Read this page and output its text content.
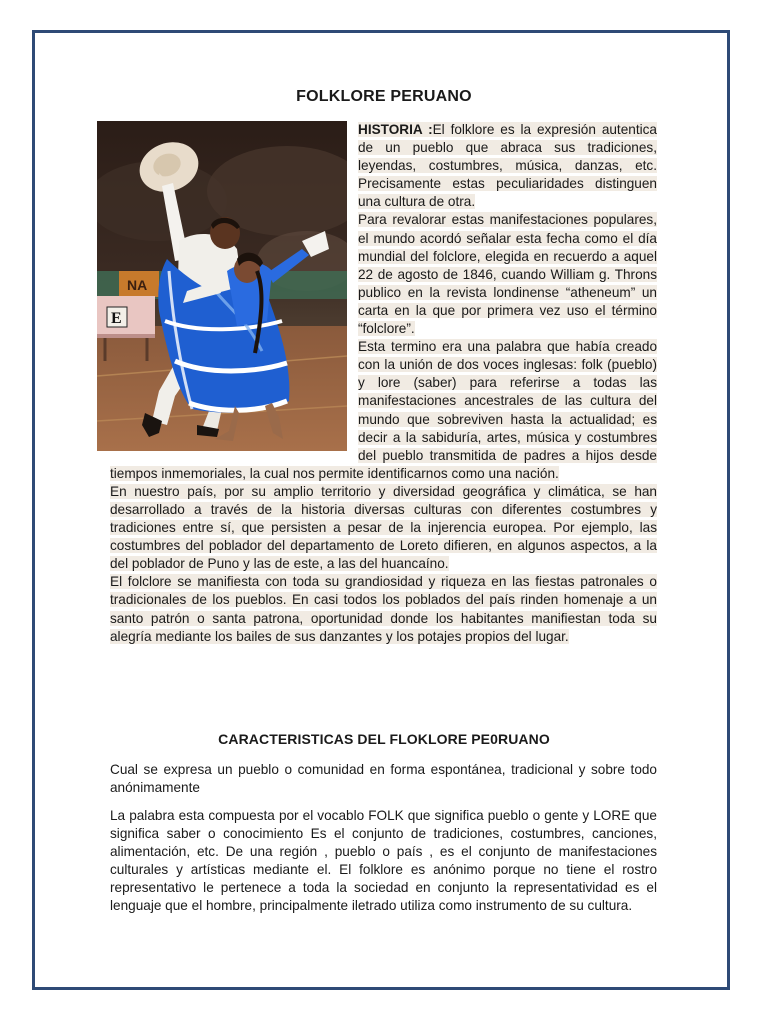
FOLKLORE PERUANO
NA
E

HISTORIA :El folklore es la expresión autentica de un pueblo que abraca sus tradiciones, leyendas, costumbres, música, danzas, etc. Precisamente estas peculiaridades distinguen una cultura de otra.

Para revalorar estas manifestaciones populares, el mundo acordó señalar esta fecha como el día mundial del folclore, elegida en recuerdo a aquel 22 de agosto de 1846, cuando William g. Throns publico en la revista londinense “atheneum” un carta en la que por primera vez uso el término “folclore”.

Esta termino era una palabra que había creado con la unión de dos voces inglesas: folk (pueblo) y lore (saber) para referirse a todas las manifestaciones ancestrales de las cultura del mundo que sobreviven hasta la actualidad; es decir a la sabiduría, artes, música y costumbres del pueblo transmitida de padres a hijos desde tiempos inmemoriales, la cual nos permite identificarnos como una nación.

En nuestro país, por su amplio territorio y diversidad geográfica y climática, se han desarrollado a través de la historia diversas culturas con diferentes costumbres y tradiciones entre sí, que persisten a pesar de la injerencia europea. Por ejemplo, las costumbres del poblador del departamento de Loreto difieren, en algunos aspectos, a la del poblador de Puno y las de este, a las del huancaíno.

El folclore se manifiesta con toda su grandiosidad y riqueza en las fiestas patronales o tradicionales de los pueblos. En casi todos los poblados del país rinden homenaje a un santo patrón o santa patrona, oportunidad donde los habitantes manifiestan toda su alegría mediante los bailes de sus danzantes y los potajes propios del lugar.

CARACTERISTICAS DEL FLOKLORE PE0RUANO

Cual se expresa un pueblo o comunidad en forma espontánea, tradicional y sobre todo anónimamente

La palabra esta compuesta por el vocablo FOLK que significa pueblo o gente y LORE que significa saber o conocimiento Es el conjunto de tradiciones, costumbres, canciones, alimentación, etc. De una región , pueblo o país , es el conjunto de manifestaciones culturales y artísticas mediante el. El folklore es anónimo porque no tiene el rostro representativo le pertenece a toda la sociedad en conjunto la representatividad es el lenguaje que el hombre, principalmente iletrado utiliza como instrumento de su cultura.
